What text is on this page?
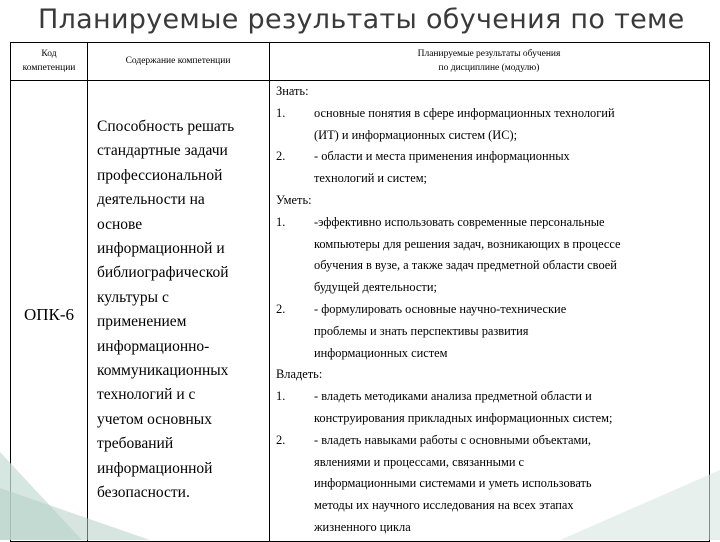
Планируемые результаты обучения по теме
Код
компетенции
Содержание компетенции
Планируемые результаты обучения
по дисциплине (модулю)
ОПК-6
Способность решать
стандартные задачи
профессиональной
деятельности на
основе
информационной и
библиографической
культуры с
применением
информационно-
коммуникационных
технологий и с
учетом основных
требований
информационной
безопасности.
Знать:
1. основные понятия в сфере информационных технологий
(ИТ) и информационных систем (ИС);
2. - области и места применения информационных
технологий и систем;
Уметь:
1. -эффективно использовать современные персональные
компьютеры для решения задач, возникающих в процессе
обучения в вузе, а также задач предметной области своей
будущей деятельности;
2. - формулировать основные научно-технические
проблемы и знать перспективы развития
информационных систем
Владеть:
1. - владеть методиками анализа предметной области и
конструирования прикладных информационных систем;
2. - владеть навыками работы с основными объектами,
явлениями и процессами, связанными с
информационными системами и уметь использовать
методы их научного исследования на всех этапах
жизненного цикла
